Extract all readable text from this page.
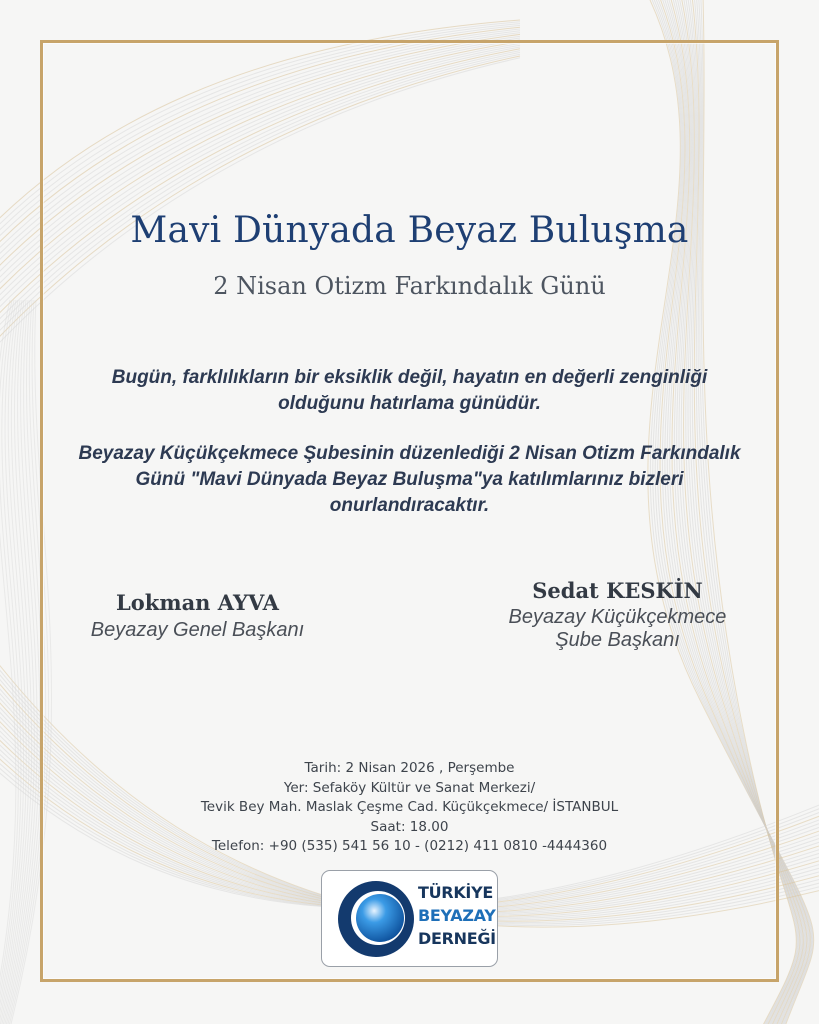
Mavi Dünyada Beyaz Buluşma
2 Nisan Otizm Farkındalık Günü
Bugün, farklılıkların bir eksiklik değil, hayatın en değerli zenginliği olduğunu hatırlama günüdür.
Beyazay Küçükçekmece Şubesinin düzenlediği 2 Nisan Otizm Farkındalık Günü "Mavi Dünyada Beyaz Buluşma"ya katılımlarınız bizleri onurlandıracaktır.
Lokman AYVA
Beyazay Genel Başkanı
Sedat KESKİN
Beyazay Küçükçekmece
Şube Başkanı
Tarih: 2 Nisan 2026 , Perşembe
Yer: Sefaköy Kültür ve Sanat Merkezi/
Tevik Bey Mah. Maslak Çeşme Cad. Küçükçekmece/ İSTANBUL
Saat: 18.00
Telefon: +90 (535) 541 56 10 - (0212) 411 0810 -4444360
TÜRKİYE
BEYAZAY
DERNEĞİ
